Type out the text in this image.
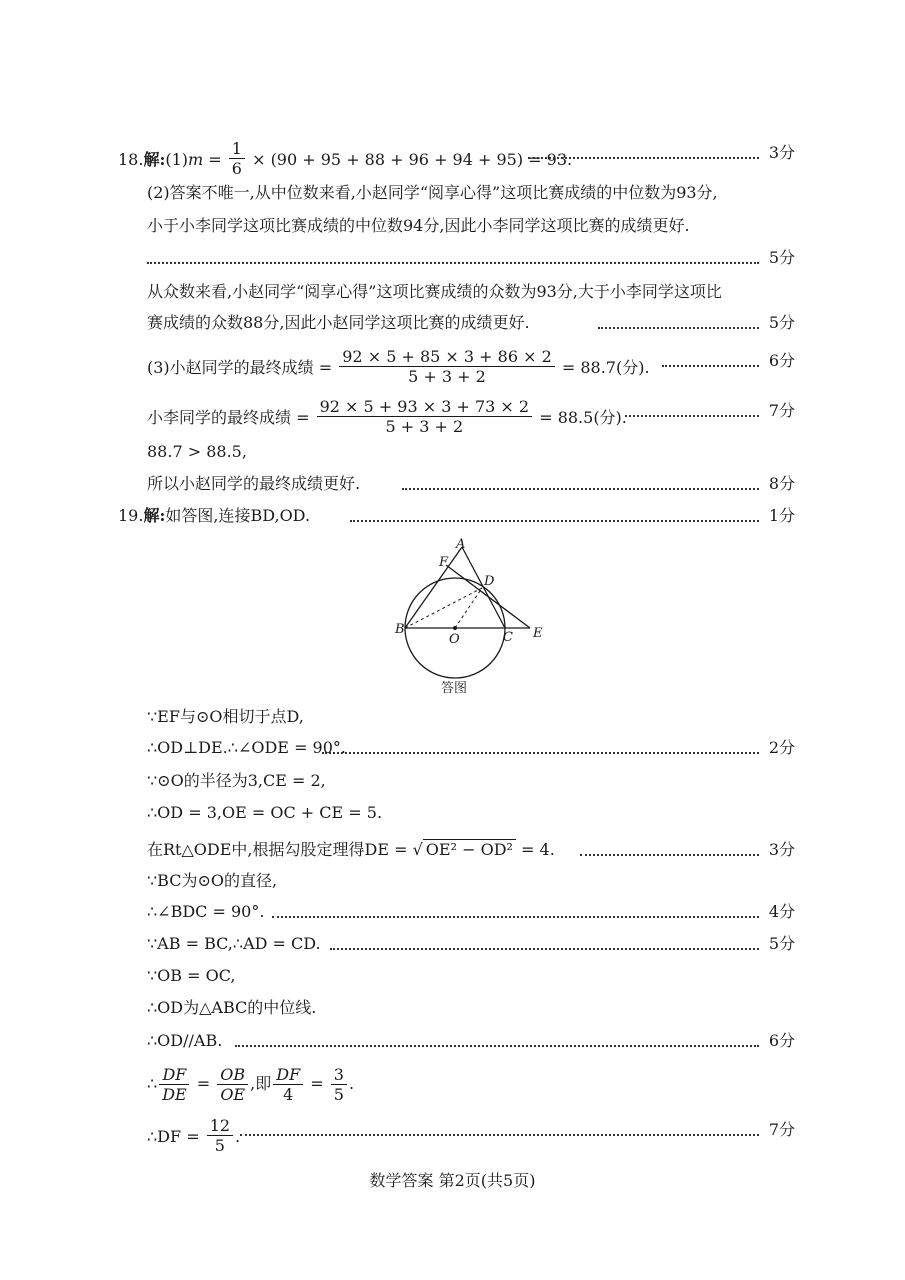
18.解:(1)m = $\frac{1}{6} \times (90 + 95 + 88 + 96 + 94 + 95) = 93$.	3分
(2)答案不唯一,从中位数来看,小赵同学“阅享心得”这项比赛成绩的中位数为93分,
小于小李同学这项比赛成绩的中位数94分,因此小李同学这项比赛的成绩更好.
5分
从众数来看,小赵同学“阅享心得”这项比赛成绩的众数为93分,大于小李同学这项比
赛成绩的众数88分,因此小赵同学这项比赛的成绩更好.	5分
(3)小赵同学的最终成绩 = $\frac{92 \times 5 + 85 \times 3 + 86 \times 2}{5 + 3 + 2} = 88.7$(分).	6分
小李同学的最终成绩 = $\frac{92 \times 5 + 93 \times 3 + 73 \times 2}{5 + 3 + 2} = 88.5$(分).	7分
88.7 > 88.5,
所以小赵同学的最终成绩更好.	8分
19.解:如答图,连接BD,OD.	1分
A
F
D
B
O	C E
答图
∵EF与⊙O相切于点D,
∴OD⊥DE.∴∠ODE = 90°.	2分
∵⊙O的半径为3,CE = 2,
∴OD = 3,OE = OC + CE = 5.
在Rt△ODE中,根据勾股定理得DE = √ OE² − OD² = 4.	3分
∵BC为⊙O的直径,
∴∠BDC = 90°.	4分
∵AB = BC,∴AD = CD.	5分
∵OB = OC,
∴OD为△ABC的中位线.
∴OD//AB.	6分
∴ $\frac{DF}{DE} = \frac{OB}{OE}$ ,即 $\frac{DF}{4} = \frac{3}{5}$ .
∴DF = $\frac{12}{5}$ .	7分
数学答案 第2页(共5页)
